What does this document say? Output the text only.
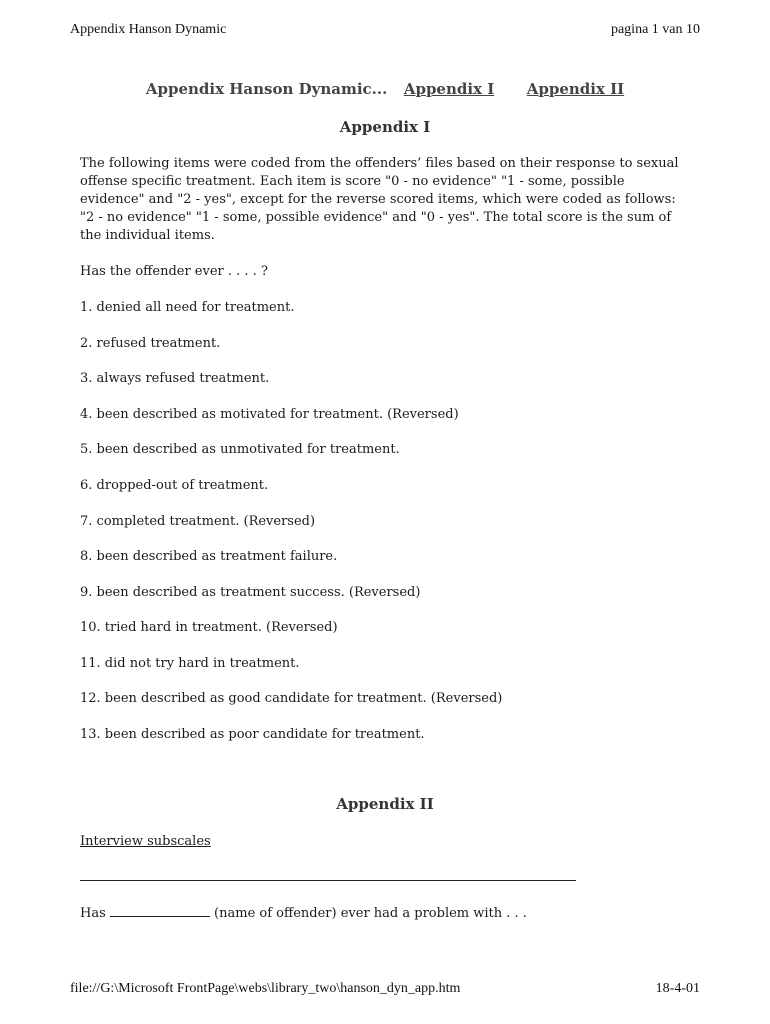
Appendix Hanson Dynamic	pagina 1 van 10
Appendix Hanson Dynamic... Appendix I Appendix II
Appendix I
The following items were coded from the offenders’ files based on their response to sexual offense specific treatment. Each item is score "0 - no evidence" "1 - some, possible evidence" and "2 - yes", except for the reverse scored items, which were coded as follows: "2 - no evidence" "1 - some, possible evidence" and "0 - yes". The total score is the sum of the individual items.
Has the offender ever . . . . ?
1. denied all need for treatment.
2. refused treatment.
3. always refused treatment.
4. been described as motivated for treatment. (Reversed)
5. been described as unmotivated for treatment.
6. dropped-out of treatment.
7. completed treatment. (Reversed)
8. been described as treatment failure.
9. been described as treatment success. (Reversed)
10. tried hard in treatment. (Reversed)
11. did not try hard in treatment.
12. been described as good candidate for treatment. (Reversed)
13. been described as poor candidate for treatment.
Appendix II
Interview subscales
Has	(name of offender) ever had a problem with . . .
file://G:\Microsoft FrontPage\webs\library_two\hanson_dyn_app.htm	18-4-01
